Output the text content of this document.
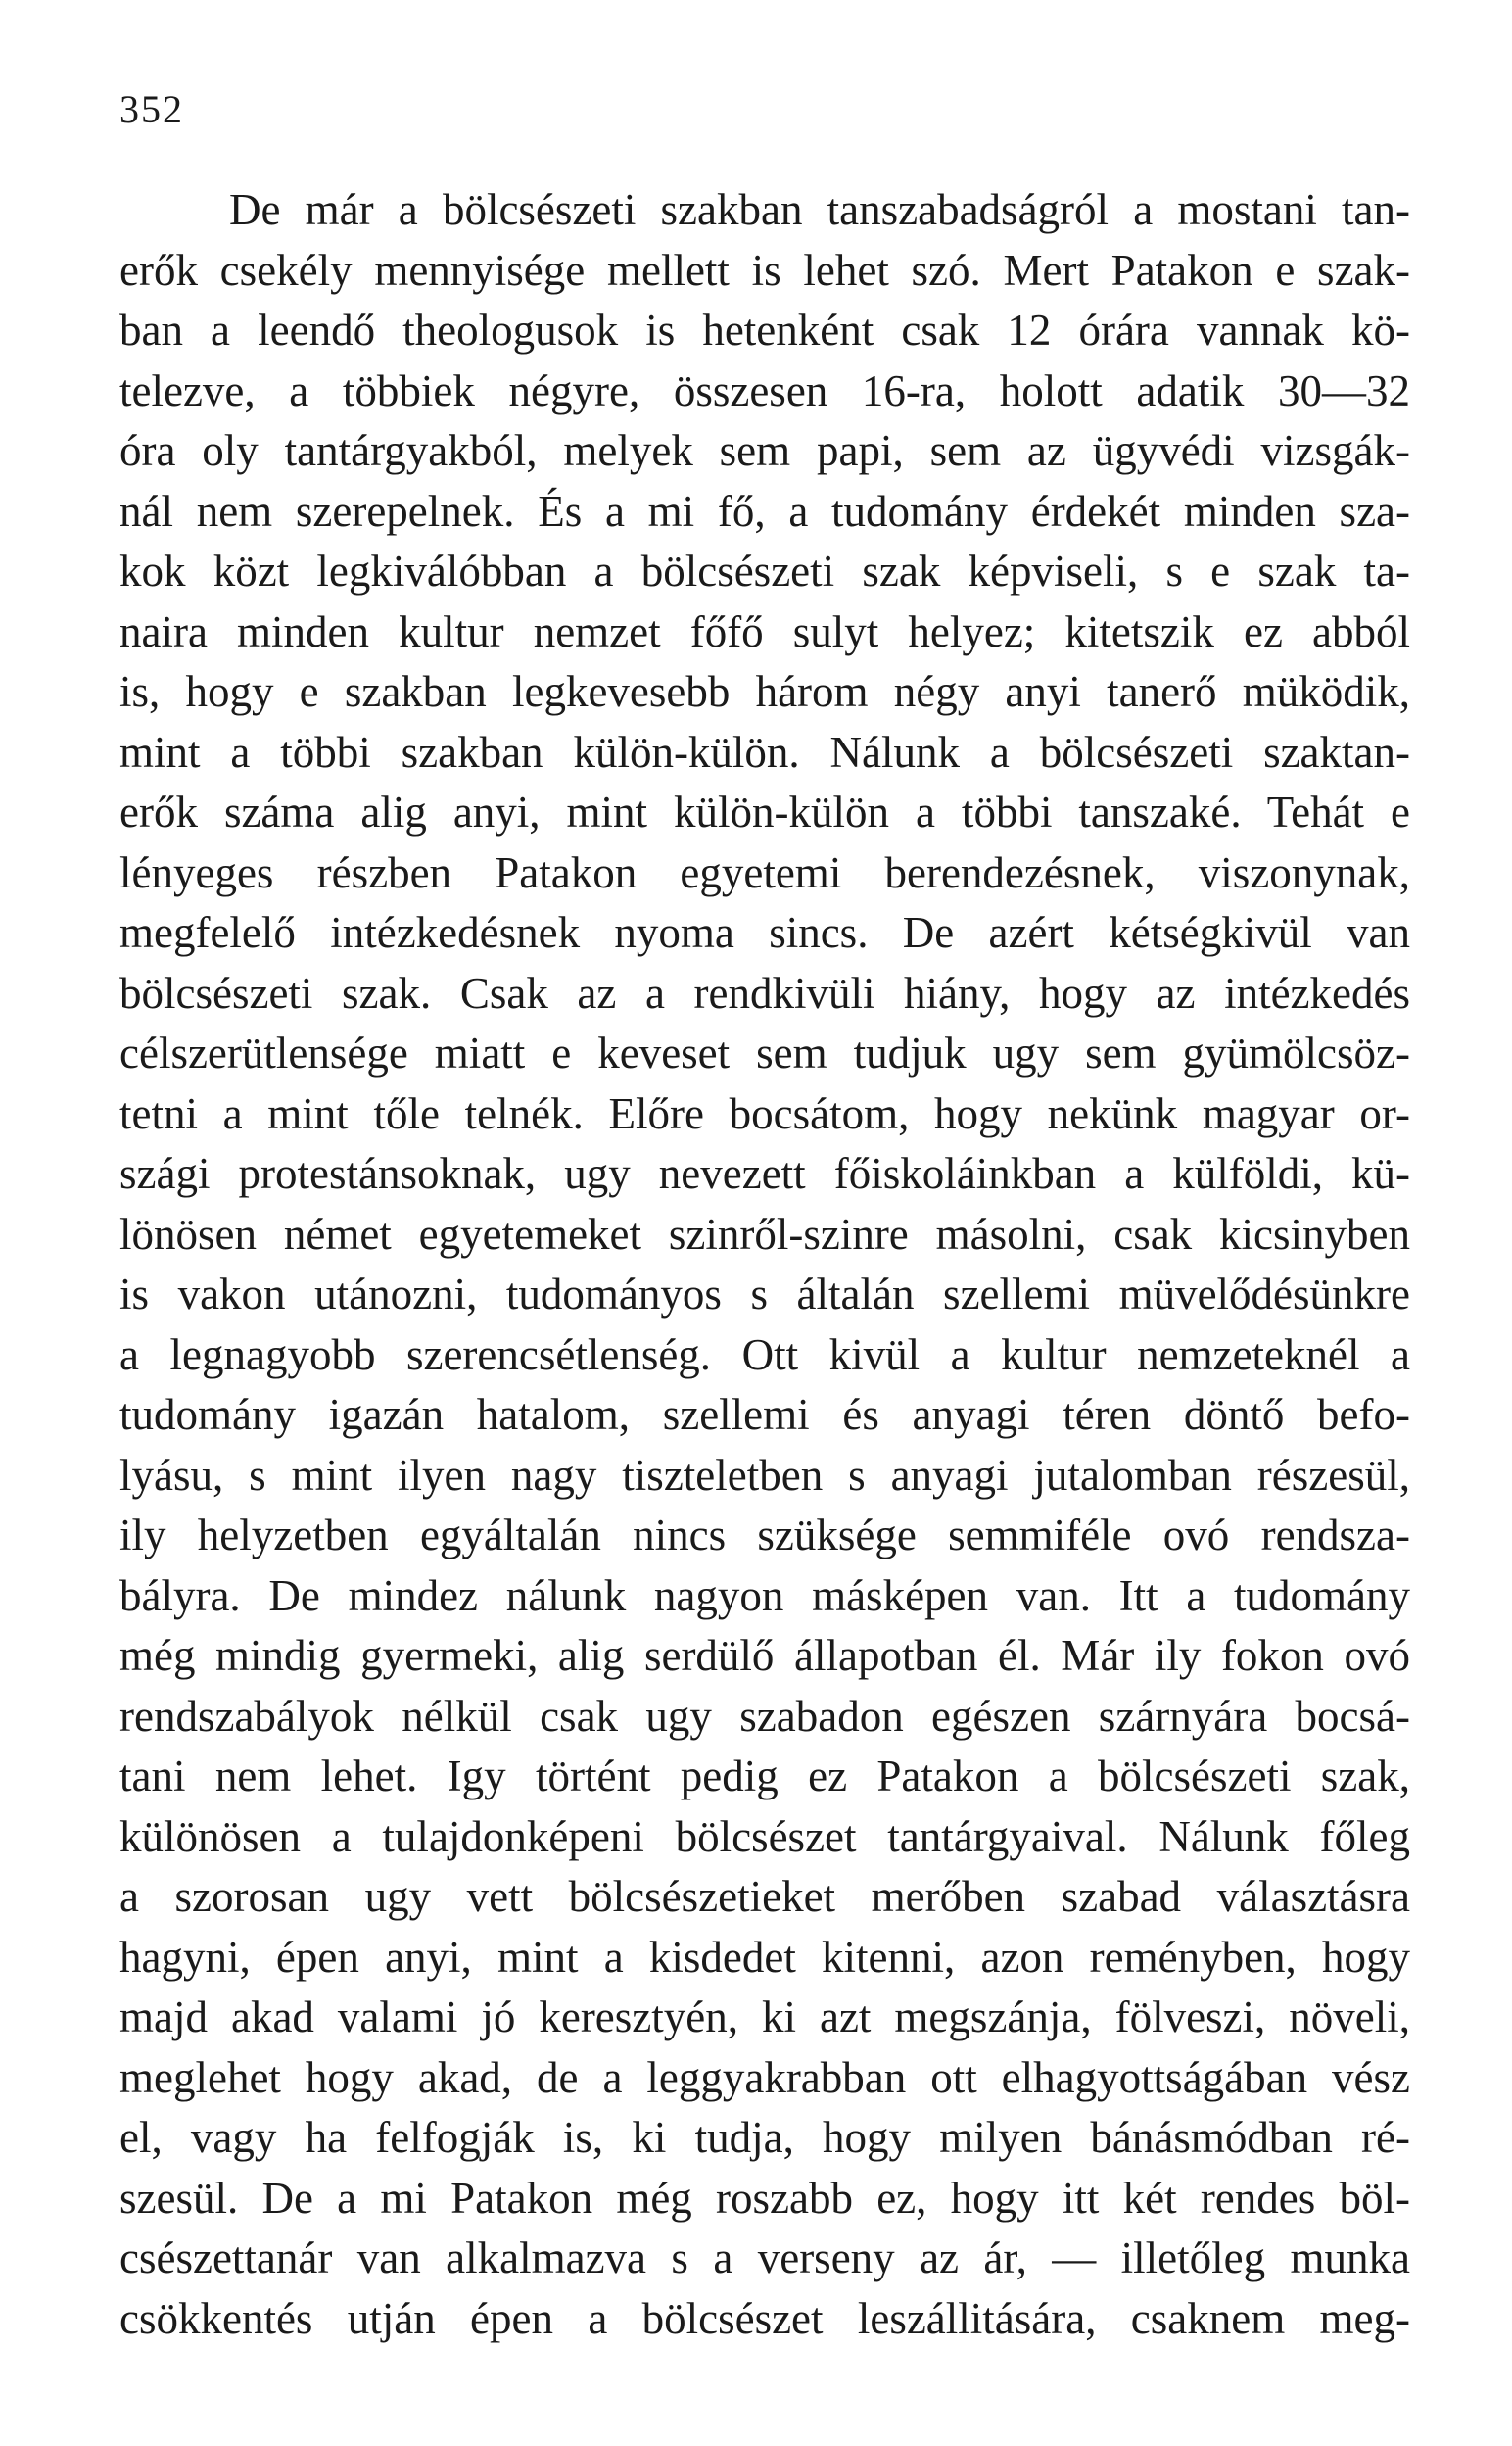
352
De már a bölcsészeti szakban tanszabadságról a mostani tan-
erők csekély mennyisége mellett is lehet szó. Mert Patakon e szak-
ban a leendő theologusok is hetenként csak 12 órára vannak kö-
telezve, a többiek négyre, összesen 16-ra, holott adatik 30—32
óra oly tantárgyakból, melyek sem papi, sem az ügyvédi vizsgák-
nál nem szerepelnek. És a mi fő, a tudomány érdekét minden sza-
kok közt legkiválóbban a bölcsészeti szak képviseli, s e szak ta-
naira minden kultur nemzet főfő sulyt helyez; kitetszik ez abból
is, hogy e szakban legkevesebb három négy anyi tanerő müködik,
mint a többi szakban külön-külön. Nálunk a bölcsészeti szaktan-
erők száma alig anyi, mint külön-külön a többi tanszaké. Tehát e
lényeges részben Patakon egyetemi berendezésnek, viszonynak,
megfelelő intézkedésnek nyoma sincs. De azért kétségkivül van
bölcsészeti szak. Csak az a rendkivüli hiány, hogy az intézkedés
célszerütlensége miatt e keveset sem tudjuk ugy sem gyümölcsöz-
tetni a mint tőle telnék. Előre bocsátom, hogy nekünk magyar or-
szági protestánsoknak, ugy nevezett főiskoláinkban a külföldi, kü-
lönösen német egyetemeket szinről-szinre másolni, csak kicsinyben
is vakon utánozni, tudományos s általán szellemi müvelődésünkre
a legnagyobb szerencsétlenség. Ott kivül a kultur nemzeteknél a
tudomány igazán hatalom, szellemi és anyagi téren döntő befo-
lyásu, s mint ilyen nagy tiszteletben s anyagi jutalomban részesül,
ily helyzetben egyáltalán nincs szüksége semmiféle ovó rendsza-
bályra. De mindez nálunk nagyon másképen van. Itt a tudomány
még mindig gyermeki, alig serdülő állapotban él. Már ily fokon ovó
rendszabályok nélkül csak ugy szabadon egészen szárnyára bocsá-
tani nem lehet. Igy történt pedig ez Patakon a bölcsészeti szak,
különösen a tulajdonképeni bölcsészet tantárgyaival. Nálunk főleg
a szorosan ugy vett bölcsészetieket merőben szabad választásra
hagyni, épen anyi, mint a kisdedet kitenni, azon reményben, hogy
majd akad valami jó keresztyén, ki azt megszánja, fölveszi, növeli,
meglehet hogy akad, de a leggyakrabban ott elhagyottságában vész
el, vagy ha felfogják is, ki tudja, hogy milyen bánásmódban ré-
szesül. De a mi Patakon még roszabb ez, hogy itt két rendes böl-
csészettanár van alkalmazva s a verseny az ár, — illetőleg munka
csökkentés utján épen a bölcsészet leszállitására, csaknem meg-
